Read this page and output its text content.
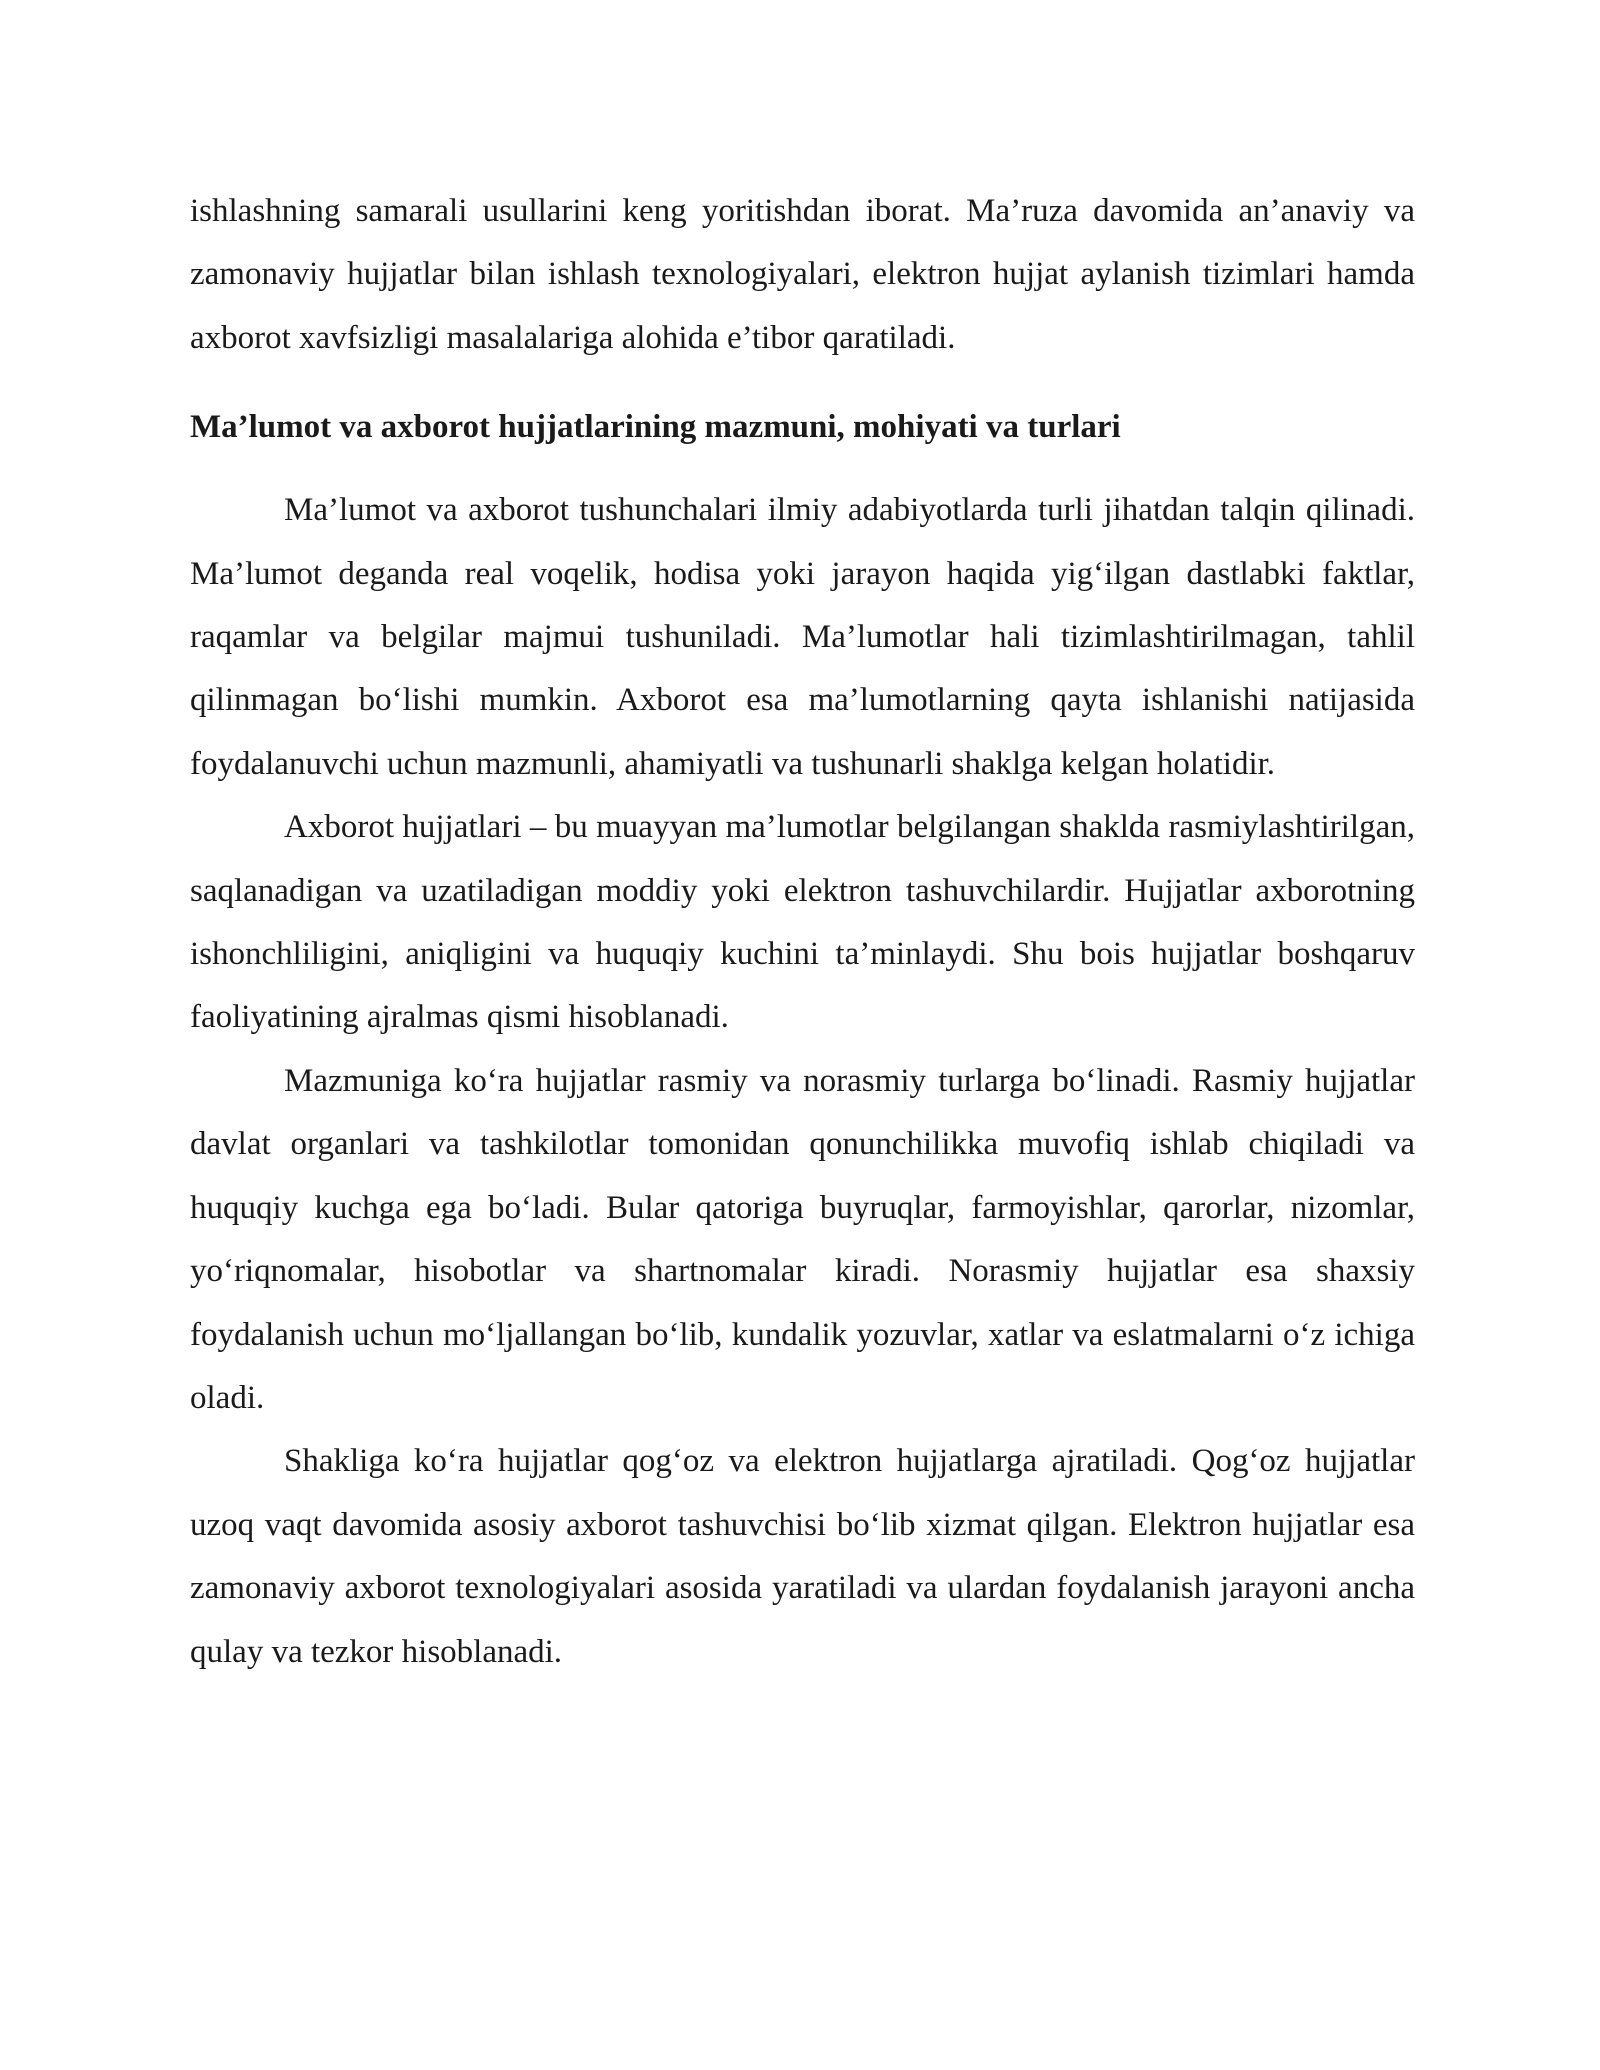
ishlashning samarali usullarini keng yoritishdan iborat. Ma’ruza davomida an’anaviy va zamonaviy hujjatlar bilan ishlash texnologiyalari, elektron hujjat aylanish tizimlari hamda axborot xavfsizligi masalalariga alohida e’tibor qaratiladi.

Ma’lumot va axborot hujjatlarining mazmuni, mohiyati va turlari

Ma’lumot va axborot tushunchalari ilmiy adabiyotlarda turli jihatdan talqin qilinadi. Ma’lumot deganda real voqelik, hodisa yoki jarayon haqida yig‘ilgan dastlabki faktlar, raqamlar va belgilar majmui tushuniladi. Ma’lumotlar hali tizimlashtirilmagan, tahlil qilinmagan bo‘lishi mumkin. Axborot esa ma’lumotlarning qayta ishlanishi natijasida foydalanuvchi uchun mazmunli, ahamiyatli va tushunarli shaklga kelgan holatidir.

Axborot hujjatlari – bu muayyan ma’lumotlar belgilangan shaklda rasmiylashtirilgan, saqlanadigan va uzatiladigan moddiy yoki elektron tashuvchilardir. Hujjatlar axborotning ishonchliligini, aniqligini va huquqiy kuchini ta’minlaydi. Shu bois hujjatlar boshqaruv faoliyatining ajralmas qismi hisoblanadi.

Mazmuniga ko‘ra hujjatlar rasmiy va norasmiy turlarga bo‘linadi. Rasmiy hujjatlar davlat organlari va tashkilotlar tomonidan qonunchilikka muvofiq ishlab chiqiladi va huquqiy kuchga ega bo‘ladi. Bular qatoriga buyruqlar, farmoyishlar, qarorlar, nizomlar, yo‘riqnomalar, hisobotlar va shartnomalar kiradi. Norasmiy hujjatlar esa shaxsiy foydalanish uchun mo‘ljallangan bo‘lib, kundalik yozuvlar, xatlar va eslatmalarni o‘z ichiga oladi.

Shakliga ko‘ra hujjatlar qog‘oz va elektron hujjatlarga ajratiladi. Qog‘oz hujjatlar uzoq vaqt davomida asosiy axborot tashuvchisi bo‘lib xizmat qilgan. Elektron hujjatlar esa zamonaviy axborot texnologiyalari asosida yaratiladi va ulardan foydalanish jarayoni ancha qulay va tezkor hisoblanadi.
